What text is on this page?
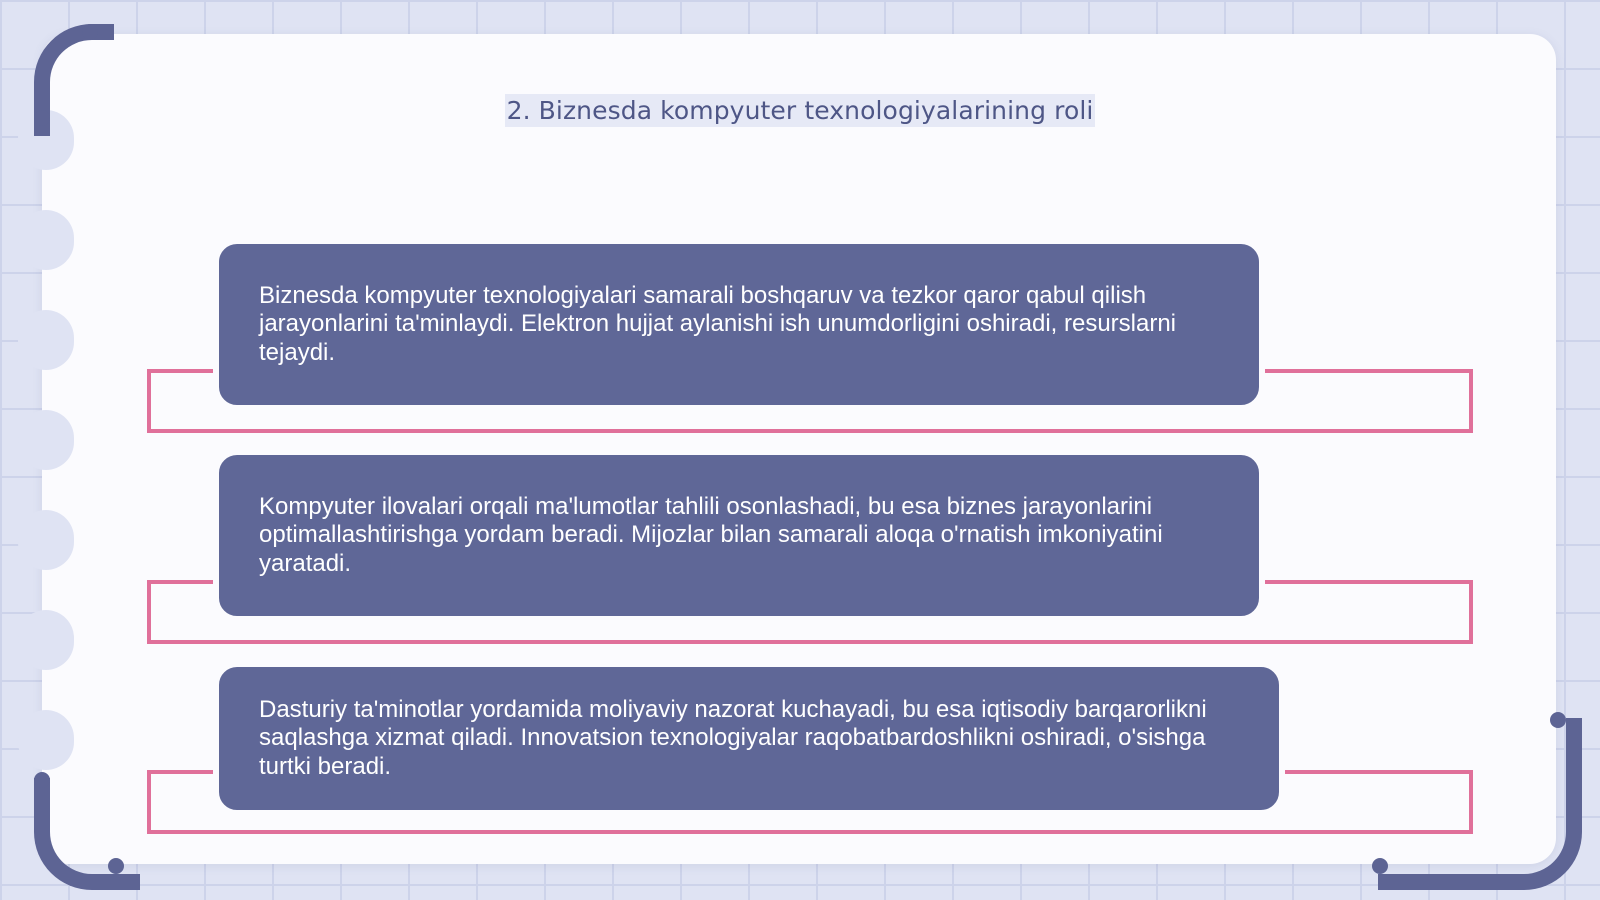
2. Biznesda kompyuter texnologiyalarining roli
Biznesda kompyuter texnologiyalari samarali boshqaruv va tezkor qaror qabul qilish jarayonlarini ta'minlaydi. Elektron hujjat aylanishi ish unumdorligini oshiradi, resurslarni tejaydi.
Kompyuter ilovalari orqali ma'lumotlar tahlili osonlashadi, bu esa biznes jarayonlarini optimallashtirishga yordam beradi. Mijozlar bilan samarali aloqa o'rnatish imkoniyatini yaratadi.
Dasturiy ta'minotlar yordamida moliyaviy nazorat kuchayadi, bu esa iqtisodiy barqarorlikni saqlashga xizmat qiladi. Innovatsion texnologiyalar raqobatbardoshlikni oshiradi, o'sishga turtki beradi.
